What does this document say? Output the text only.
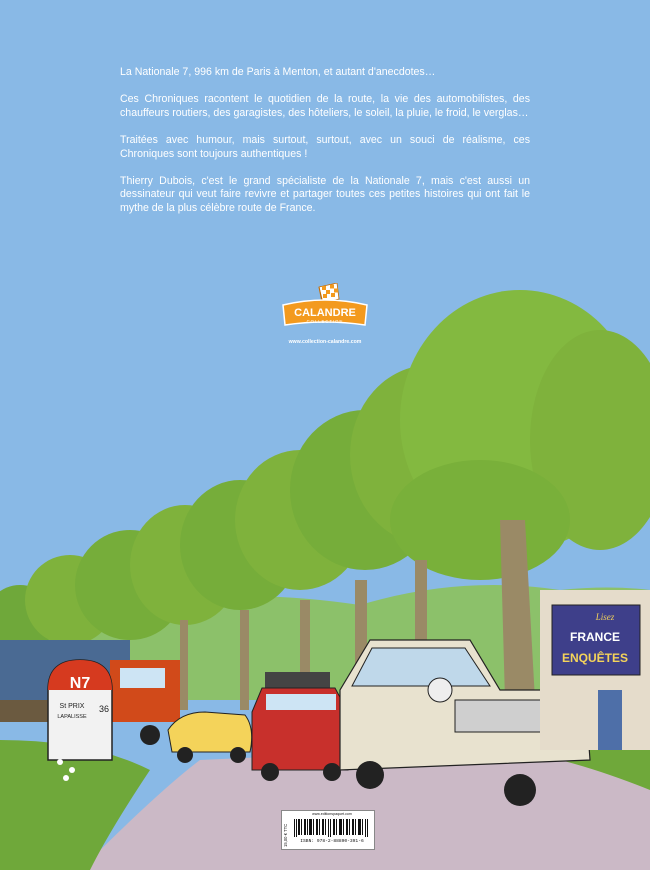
La Nationale 7, 996 km de Paris à Menton, et autant d'anecdotes…

Ces Chroniques racontent le quotidien de la route, la vie des automobilistes, des chauffeurs routiers, des garagistes, des hôteliers, le soleil, la pluie, le froid, le verglas…

Traitées avec humour, mais surtout, surtout, avec un souci de réalisme, ces Chroniques sont toujours authentiques !

Thierry Dubois, c'est le grand spécialiste de la Nationale 7, mais c'est aussi un dessinateur qui veut faire revivre et partager toutes ces petites histoires qui ont fait le mythe de la plus célèbre route de France.

CALANDRE
COLLECTION
www.collection-calandre.com
N7
St PRIX
LAPALISSE
36
Lisez
FRANCE
ENQUÊTES
15,00 € TTC
www.editionspaquet.com
ISBN: 978-2-88890-391-6
